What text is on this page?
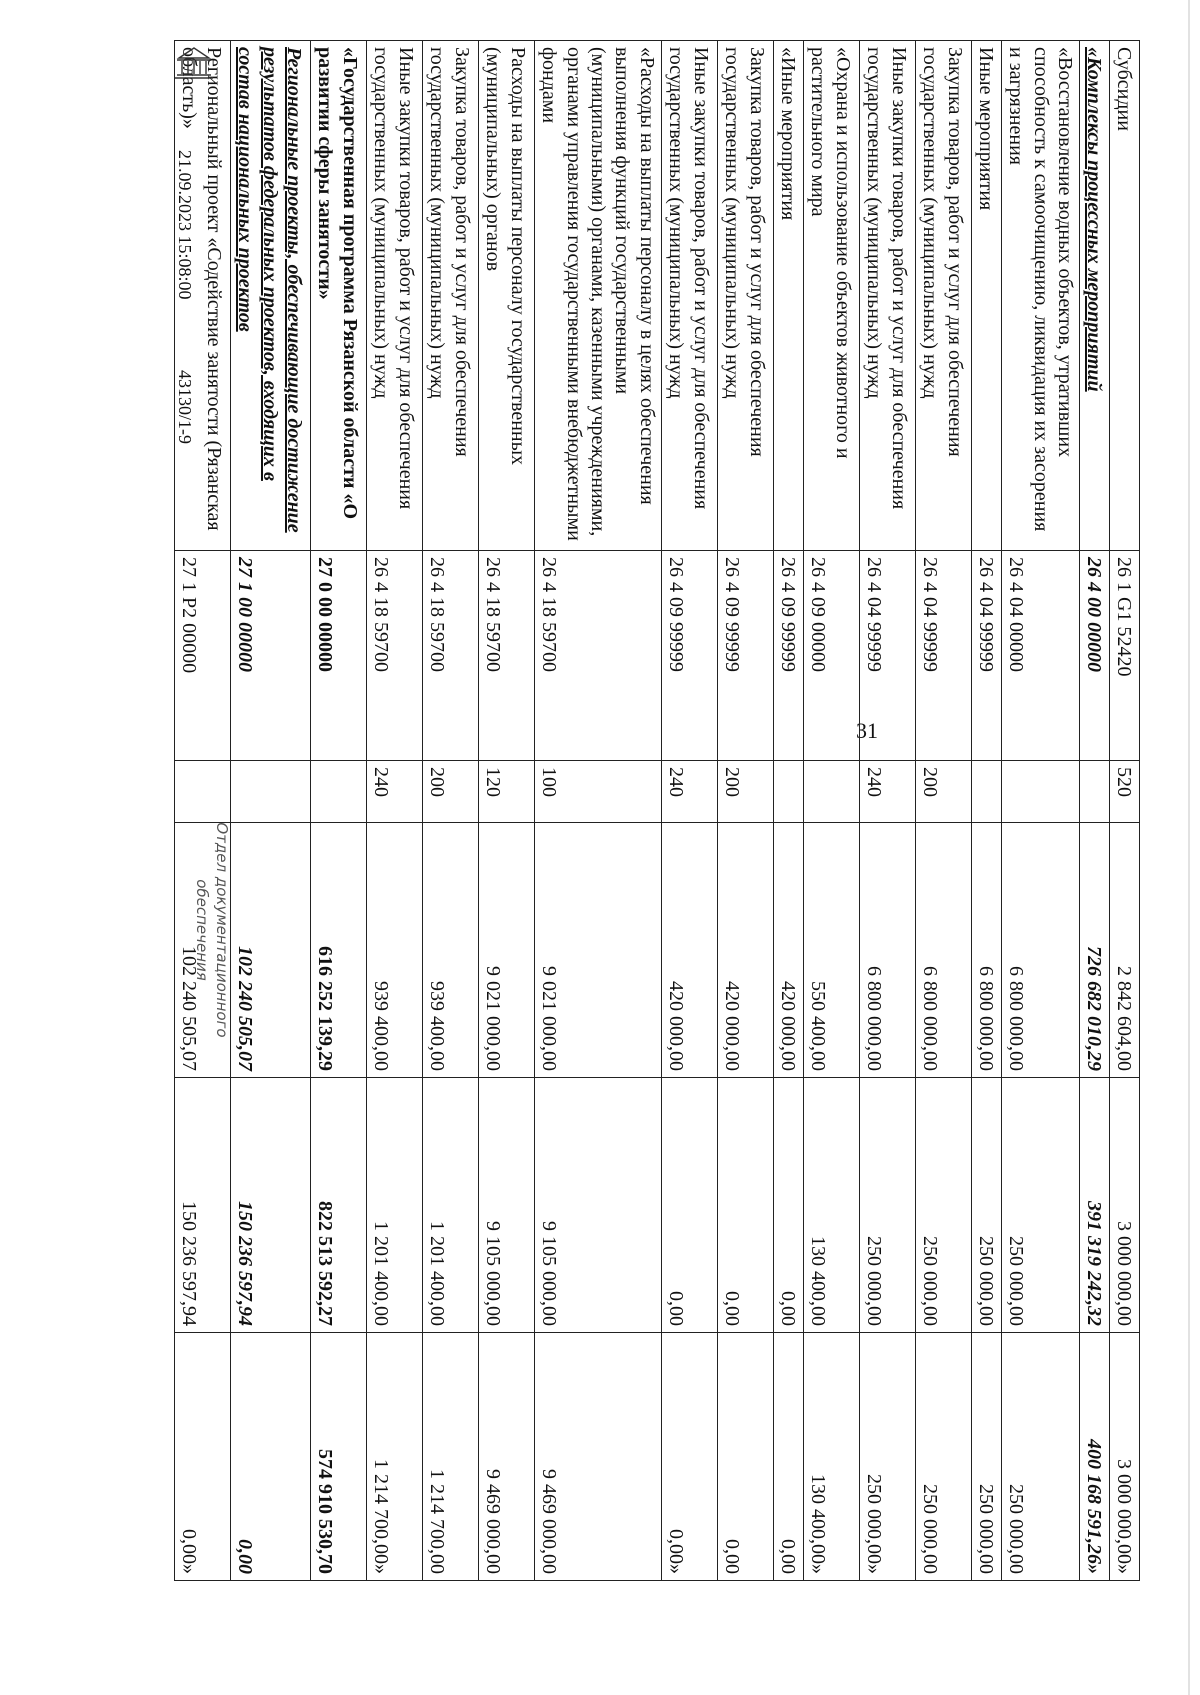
31
Субсидии	26 1 G1 52420	520	2 842 604,00	3 000 000,00	3 000 000,00»
«Комплексы процессных мероприятий	26 4 00 00000		726 682 010,29	391 319 242,32	400 168 591,26»
«Восстановление водных объектов, утративших способность к самоочищению, ликвидация их засорения и загрязнения	26 4 04 00000		6 800 000,00	250 000,00	250 000,00
Иные мероприятия	26 4 04 99999		6 800 000,00	250 000,00	250 000,00
Закупка товаров, работ и услуг для обеспечения государственных (муниципальных) нужд	26 4 04 99999	200	6 800 000,00	250 000,00	250 000,00
Иные закупки товаров, работ и услуг для обеспечения государственных (муниципальных) нужд	26 4 04 99999	240	6 800 000,00	250 000,00	250 000,00»
«Охрана и использование объектов животного и растительного мира	26 4 09 00000		550 400,00	130 400,00	130 400,00»
«Иные мероприятия	26 4 09 99999		420 000,00	0,00	0,00
Закупка товаров, работ и услуг для обеспечения государственных (муниципальных) нужд	26 4 09 99999	200	420 000,00	0,00	0,00
Иные закупки товаров, работ и услуг для обеспечения государственных (муниципальных) нужд	26 4 09 99999	240	420 000,00	0,00	0,00»
«Расходы на выплаты персоналу в целях обеспечения выполнения функций государственными (муниципальными) органами, казенными учреждениями, органами управления государственными внебюджетными фондами	26 4 18 59700	100	9 021 000,00	9 105 000,00	9 469 000,00
Расходы на выплаты персоналу государственных (муниципальных) органов	26 4 18 59700	120	9 021 000,00	9 105 000,00	9 469 000,00
Закупка товаров, работ и услуг для обеспечения государственных (муниципальных) нужд	26 4 18 59700	200	939 400,00	1 201 400,00	1 214 700,00
Иные закупки товаров, работ и услуг для обеспечения государственных (муниципальных) нужд	26 4 18 59700	240	939 400,00	1 201 400,00	1 214 700,00»
«Государственная программа Рязанской области «О развитии сферы занятости»	27 0 00 00000		616 252 139,29	822 513 592,27	574 910 530,70
Региональные проекты, обеспечивающие достижение результатов федеральных проектов, входящих в состав национальных проектов	27 1 00 00000		102 240 505,07	150 236 597,94	0,00
Региональный проект «Содействие занятости (Рязанская область)»	27 1 P2 00000		102 240 505,07	150 236 597,94	0,00»
21.09.2023 15:08:00
43130/1-9
Отдел документационного
обеспечения
